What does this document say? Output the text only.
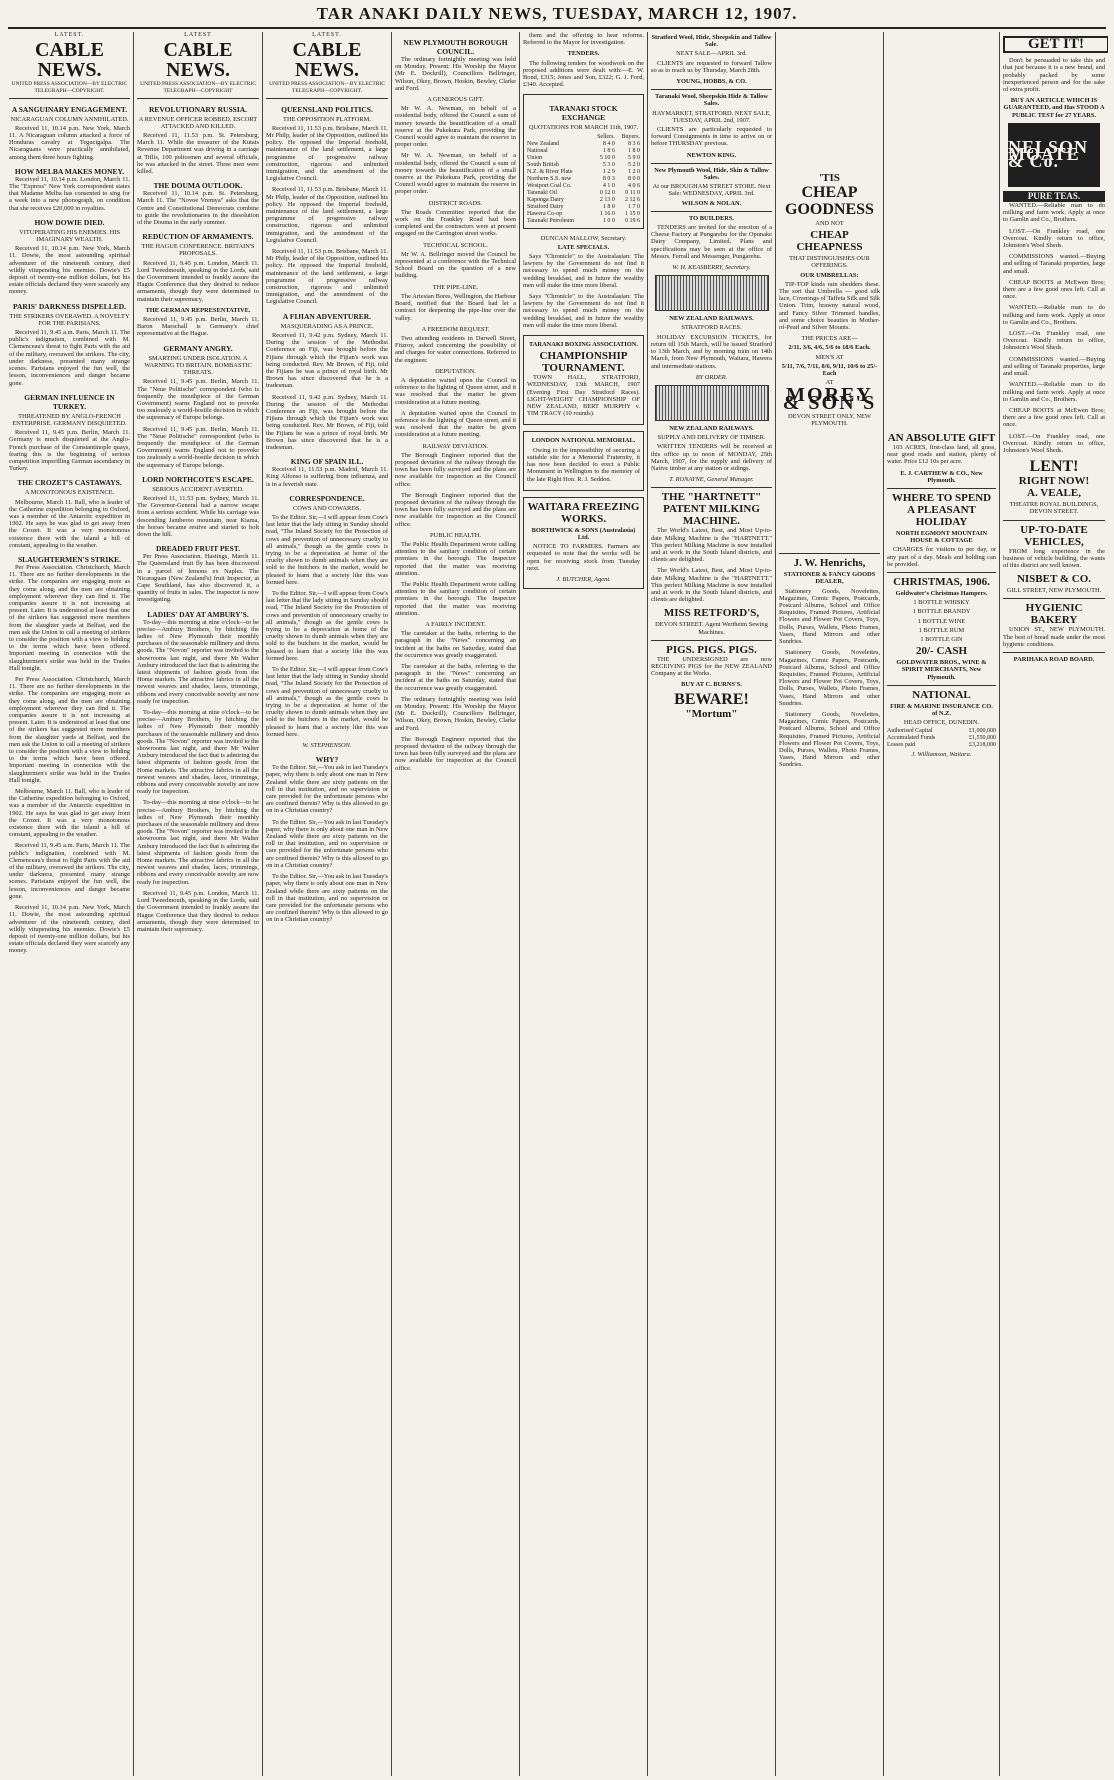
TAR ANAKI DAILY NEWS, TUESDAY, MARCH 12, 1907.
LATEST.
CABLE NEWS.
UNITED PRESS ASSOCIATION—BY ELECTRIC TELEGRAPH—COPYRIGHT.
A SANGUINARY ENGAGEMENT.
NICARAGUAN COLUMN ANNIHILATED.

Received 11, 10.14 p.m. New York, March 11. A Nicaraguan column attacked a force of Honduras cavalry at Tegucigalpa. The Nicaraguans were practically annihilated, among them three hours fighting.

HOW MELBA MAKES MONEY.

Received 11, 10.14 p.m. London, March 11. The "Express" New York correspondent states that Madame Melba has consented to sing for a week into a new phonograph, on condition that she receives £20,000 in royalties.

HOW DOWIE DIED.
VITUPERATING HIS ENEMIES. HIS IMAGINARY WEALTH.

Received 11, 10.14 p.m. New York, March 11. Dowie, the most astounding spiritual adventurer of the nineteenth century, died wildly vituperating his enemies. Dowie's £5 deposit of twenty-one million dollars, but his estate officials declared they were scarcely any money.

PARIS' DARKNESS DISPELLED.
THE STRIKERS OVERAWED. A NOVELTY FOR THE PARISIANS.

Received 11, 9.45 a.m. Paris, March 11. The public's indignation, combined with M. Clemenceau's threat to fight Paris with the aid of the military, overawed the strikers. The city, under darkness, presented many strange scenes. Parisians enjoyed the fun well, the lesson, inconveniences and danger became gone.

GERMAN INFLUENCE IN TURKEY.
THREATENED BY ANGLO-FRENCH ENTERPRISE. GERMANY DISQUIETED.

Received 11, 9.45 p.m. Berlin, March 11. Germany is much disquieted at the Anglo-French purchase of the Constantinople quays, fearing this is the beginning of serious competition imperilling German ascendancy in Turkey.

THE CROZET'S CASTAWAYS.
A MONOTONOUS EXISTENCE.

Melbourne, March 11. Ball, who is leader of the Catherine expedition belonging to Oxford, was a member of the Antarctic expedition in 1902. He says he was glad to get away from the Crozet. It was a very monotonous existence there with the island a hill of constant, appealing to the weather.

SLAUGHTERMEN'S STRIKE.

Per Press Association. Christchurch, March 11. There are no further developments in the strike. The companies are engaging more as they come along, and the men are obtaining employment wherever they can find it. The companies assure it is not increasing at present. Later. It is understood at least that one of the strikers has suggested more members from the slaughter yards at Belfast, and the men ask the Union to call a meeting of strikers to consider the position with a view to holding to the terms which have been offered. Important meeting in connection with the slaughtermen's strike was held in the Trades Hall tonight.

Per Press Association. Christchurch, March 11. There are no further developments in the strike. The companies are engaging more as they come along, and the men are obtaining employment wherever they can find it. The companies assure it is not increasing at present. Later. It is understood at least that one of the strikers has suggested more members from the slaughter yards at Belfast, and the men ask the Union to call a meeting of strikers to consider the position with a view to holding to the terms which have been offered. Important meeting in connection with the slaughtermen's strike was held in the Trades Hall tonight.

Melbourne, March 11. Ball, who is leader of the Catherine expedition belonging to Oxford, was a member of the Antarctic expedition in 1902. He says he was glad to get away from the Crozet. It was a very monotonous existence there with the island a hill of constant, appealing to the weather.

Received 11, 9.45 a.m. Paris, March 11. The public's indignation, combined with M. Clemenceau's threat to fight Paris with the aid of the military, overawed the strikers. The city, under darkness, presented many strange scenes. Parisians enjoyed the fun well, the lesson, inconveniences and danger became gone.

Received 11, 10.14 p.m. New York, March 11. Dowie, the most astounding spiritual adventurer of the nineteenth century, died wildly vituperating his enemies. Dowie's £5 deposit of twenty-one million dollars, but his estate officials declared they were scarcely any money.

LATEST
CABLE NEWS.
UNITED PRESS ASSOCIATION—BY ELECTRIC TELEGRAPH—COPYRIGHT
REVOLUTIONARY RUSSIA.
A REVENUE OFFICER ROBBED. ESCORT ATTACKED AND KILLED.

Received 11, 11.53 p.m. St. Petersburg, March 11. While the treasurer of the Kutais Revenue Department was driving in a carriage at Tiflis, 100 policemen and several officials, he was attacked in the street. Three men were killed.

THE DOUMA OUTLOOK.

Received 11, 10.14 p.m. St. Petersburg, March 11. The "Novoe Vremya" asks that the Centre and Constitutional Democrats combine to guide the revolutionaries in the dissolution of the Douma in the early summer.

REDUCTION OF ARMAMENTS.
THE HAGUE CONFERENCE. BRITAIN'S PROPOSALS.

Received 11, 9.45 p.m. London, March 11. Lord Tweedmouth, speaking in the Lords, said the Government intended to frankly assure the Hague Conference that they desired to reduce armaments, though they were determined to maintain their supremacy.

THE GERMAN REPRESENTATIVE.

Received 11, 9.45 p.m. Berlin, March 11. Baron Marschall is Germany's chief representative at the Hague.

GERMANY ANGRY.
SMARTING UNDER ISOLATION. A WARNING TO BRITAIN. BOMBASTIC THREATS.

Received 11, 9.45 p.m. Berlin, March 11. The "Neue Politische" correspondent (who is frequently the mouthpiece of the German Government) warns England not to provoke too zealously a world-hostile decision in which the supremacy of Europe belongs.

Received 11, 9.45 p.m. Berlin, March 11. The "Neue Politische" correspondent (who is frequently the mouthpiece of the German Government) warns England not to provoke too zealously a world-hostile decision in which the supremacy of Europe belongs.

LORD NORTHCOTE'S ESCAPE.
SERIOUS ACCIDENT AVERTED.

Received 11, 11.53 p.m. Sydney, March 11. The Governor-General had a narrow escape from a serious accident. While his carriage was descending Jamberoo mountain, near Kiama, the horses became restive and started to bolt down the hill.

DREADED FRUIT PEST.

Per Press Association. Hastings, March 11. The Queensland fruit fly has been discovered in a parcel of lemons ex Naples. The Nicaraguan (New Zealand's) fruit Inspector, at Cape Southland, has also discovered it, a quantity of fruits in sales. The inspector is now investigating.

LADIES' DAY AT AMBURY'S.

To-day—this morning at nine o'clock—to be precise—Ambury Brothers, by hitching the ladies of New Plymouth their monthly purchases of the seasonable millinery and dress goods. The "Novon" reporter was invited to the showrooms last night, and there Mr Walter Ambury introduced the fact that is admiring the latest shipments of fashion goods from the Home markets. The attractive fabrics in all the newest weaves and shades, laces, trimmings, ribbons and every conceivable novelty are now ready for inspection.

To-day—this morning at nine o'clock—to be precise—Ambury Brothers, by hitching the ladies of New Plymouth their monthly purchases of the seasonable millinery and dress goods. The "Novon" reporter was invited to the showrooms last night, and there Mr Walter Ambury introduced the fact that is admiring the latest shipments of fashion goods from the Home markets. The attractive fabrics in all the newest weaves and shades, laces, trimmings, ribbons and every conceivable novelty are now ready for inspection.

To-day—this morning at nine o'clock—to be precise—Ambury Brothers, by hitching the ladies of New Plymouth their monthly purchases of the seasonable millinery and dress goods. The "Novon" reporter was invited to the showrooms last night, and there Mr Walter Ambury introduced the fact that is admiring the latest shipments of fashion goods from the Home markets. The attractive fabrics in all the newest weaves and shades, laces, trimmings, ribbons and every conceivable novelty are now ready for inspection.

Received 11, 9.45 p.m. London, March 11. Lord Tweedmouth, speaking in the Lords, said the Government intended to frankly assure the Hague Conference that they desired to reduce armaments, though they were determined to maintain their supremacy.

LATEST.
CABLE NEWS.
UNITED PRESS ASSOCIATION—BY ELECTRIC TELEGRAPH—COPYRIGHT.
QUEENSLAND POLITICS.
THE OPPOSITION PLATFORM.

Received 11, 11.53 p.m. Brisbane, March 11. Mr Philp, leader of the Opposition, outlined his policy. He opposed the Imperial freehold, maintenance of the land settlement, a large programme of progressive railway construction, rigorous and unlimited immigration, and the amendment of the Legislative Council.

Received 11, 11.53 p.m. Brisbane, March 11. Mr Philp, leader of the Opposition, outlined his policy. He opposed the Imperial freehold, maintenance of the land settlement, a large programme of progressive railway construction, rigorous and unlimited immigration, and the amendment of the Legislative Council.

Received 11, 11.53 p.m. Brisbane, March 11. Mr Philp, leader of the Opposition, outlined his policy. He opposed the Imperial freehold, maintenance of the land settlement, a large programme of progressive railway construction, rigorous and unlimited immigration, and the amendment of the Legislative Council.

A FIJIAN ADVENTURER.
MASQUERADING AS A PRINCE.

Received 11, 9.42 p.m. Sydney, March 11. During the session of the Methodist Conference an Fiji, was brought before the Fijians through which the Fijian's work was being conducted. Rev. Mr Brown, of Fiji, told the Fijians he was a prince of royal birth. Mr Brown has since discovered that he is a tradesman.

Received 11, 9.42 p.m. Sydney, March 11. During the session of the Methodist Conference an Fiji, was brought before the Fijians through which the Fijian's work was being conducted. Rev. Mr Brown, of Fiji, told the Fijians he was a prince of royal birth. Mr Brown has since discovered that he is a tradesman.

KING OF SPAIN ILL.

Received 11, 11.53 p.m. Madrid, March 11. King Alfonso is suffering from influenza, and is in a feverish state.

CORRESPONDENCE.
COWS AND COWARDS.

To the Editor. Sir,—I will appear from Cow's last letter that the lady sitting in Sunday should read, "The Inland Society for the Protection of cows and prevention of unnecessary cruelty to all animals," though as the gentle cows is trying to be a deprecation at home of the cruelty shown to dumb animals when they are sold to the butchers in the market, would be pleased to learn that a society like this was formed here.

To the Editor. Sir,—I will appear from Cow's last letter that the lady sitting in Sunday should read, "The Inland Society for the Protection of cows and prevention of unnecessary cruelty to all animals," though as the gentle cows is trying to be a deprecation at home of the cruelty shown to dumb animals when they are sold to the butchers in the market, would be pleased to learn that a society like this was formed here.

To the Editor. Sir,—I will appear from Cow's last letter that the lady sitting in Sunday should read, "The Inland Society for the Protection of cows and prevention of unnecessary cruelty to all animals," though as the gentle cows is trying to be a deprecation at home of the cruelty shown to dumb animals when they are sold to the butchers in the market, would be pleased to learn that a society like this was formed here.

W. STEPHENSON.
WHY?

To the Editor. Sir,—You ask in last Tuesday's paper, why there is only about one man in New Zealand while there are sixty patients on the roll in that institution, and no supervision or care provided for the unfortunate persons who are confined therein? Why is this allowed to go on in a Christian country?

To the Editor. Sir,—You ask in last Tuesday's paper, why there is only about one man in New Zealand while there are sixty patients on the roll in that institution, and no supervision or care provided for the unfortunate persons who are confined therein? Why is this allowed to go on in a Christian country?

To the Editor. Sir,—You ask in last Tuesday's paper, why there is only about one man in New Zealand while there are sixty patients on the roll in that institution, and no supervision or care provided for the unfortunate persons who are confined therein? Why is this allowed to go on in a Christian country?

NEW PLYMOUTH BOROUGH COUNCIL.

The ordinary fortnightly meeting was held on Monday. Present: His Worship the Mayor (Mr E. Dockrill), Councillors Bellringer, Wilson, Okey, Brown, Hoskin, Bewley, Clarke and Ford.

A GENEROUS GIFT.

Mr W. A. Newman, on behalf of a residential body, offered the Council a sum of money towards the beautification of a small reserve at the Pukekura Park, providing the Council would agree to maintain the reserve in proper order.

Mr W. A. Newman, on behalf of a residential body, offered the Council a sum of money towards the beautification of a small reserve at the Pukekura Park, providing the Council would agree to maintain the reserve in proper order.

DISTRICT ROADS.

The Roads Committee reported that the work on the Frankley Road had been completed and the contractors were at present engaged on the Carrington street works.

TECHNICAL SCHOOL.

Mr W. A. Bellringer moved the Council be represented at a conference with the Technical School Board on the question of a new building.

THE PIPE-LINE.

The Artesian Bores, Wellington, the Harbour Board, notified that the Board had let a contract for deepening the pipe-line over the valley.

A FREEDOM REQUEST.

Two attending residents in Darwell Street, Fitzroy, asked concerning the possibility of and charges for water connections. Referred to the engineer.

DEPUTATION.

A deputation waited upon the Council in reference to the lighting of Queen street, and it was resolved that the matter be given consideration at a future meeting.

A deputation waited upon the Council in reference to the lighting of Queen street, and it was resolved that the matter be given consideration at a future meeting.

RAILWAY DEVIATION.

The Borough Engineer reported that the proposed deviation of the railway through the town has been fully surveyed and the plans are now available for inspection at the Council office.

The Borough Engineer reported that the proposed deviation of the railway through the town has been fully surveyed and the plans are now available for inspection at the Council office.

PUBLIC HEALTH.

The Public Health Department wrote calling attention to the sanitary condition of certain premises in the borough. The Inspector reported that the matter was receiving attention.

The Public Health Department wrote calling attention to the sanitary condition of certain premises in the borough. The Inspector reported that the matter was receiving attention.

A FAIRLY INCIDENT.

The caretaker at the baths, referring to the paragraph in the "News" concerning an incident at the baths on Saturday, stated that the occurrence was greatly exaggerated.

The caretaker at the baths, referring to the paragraph in the "News" concerning an incident at the baths on Saturday, stated that the occurrence was greatly exaggerated.

The ordinary fortnightly meeting was held on Monday. Present: His Worship the Mayor (Mr E. Dockrill), Councillors Bellringer, Wilson, Okey, Brown, Hoskin, Bewley, Clarke and Ford.

The Borough Engineer reported that the proposed deviation of the railway through the town has been fully surveyed and the plans are now available for inspection at the Council office.

them and the offering to hear reforms. Referred to the Mayor for investigation.

TENDERS.

The following tenders for woodwork on the proposed additions were dealt with:—E. W. Bond, £315; Jones and Son, £322; G. J. Ford, £340. Accepted.

TARANAKI STOCK EXCHANGE
QUOTATIONS FOR MARCH 11th, 1907.
	Sellers.	Buyers.
New Zealand	8 4 0	8 3 6
National	1 8 6	1 8 0
Union	5 10 0	5 9 0
South British	5 3 0	5 2 0
N.Z. & River Plate	1 2 9	1 2 0
Northern S.S. new	8 0 3	8 0 0
Westport Coal Co.	4 1 0	4 0 6
Taranaki Oil	0 12 0	0 11 0
Kaponga Dairy	2 13 0	2 12 6
Stratford Dairy	1 8 0	1 7 0
Hawera Co-op	1 16 0	1 15 0
Taranaki Petroleum	1 0 0	0 19 6
DUNCAN MALLOW, Secretary.
LATE SPECIALS.

Says "Chronicle" to the Australasian: The lawyers by the Government do not find it necessary to spend much money on the wedding breakfast, and in future the wealthy men will make the time more liberal.

Says "Chronicle" to the Australasian: The lawyers by the Government do not find it necessary to spend much money on the wedding breakfast, and in future the wealthy men will make the time more liberal.

TARANAKI BOXING ASSOCIATION.
CHAMPIONSHIP TOURNAMENT.

TOWN HALL, STRATFORD, WEDNESDAY, 13th MARCH, 1907 (Evening First Day Stratford Races). LIGHT-WEIGHT CHAMPIONSHIP OF NEW ZEALAND, BERT MURPHY v. TIM TRACY (10 rounds).

LONDON NATIONAL MEMORIAL.

Owing to the impossibility of securing a suitable site for a Memorial Fraternity, it has now been decided to erect a Public Monument in Wellington to the memory of the late Right Hon. R. J. Seddon.

WAITARA FREEZING WORKS.
BORTHWICK & SONS (Australasia) Ltd.

NOTICE TO FARMERS. Farmers are requested to note that the works will be open for receiving stock from Tuesday next.

J. BUTCHER, Agent.
Stratford Wool, Hide, Sheepskin and Tallow Sale.
NEXT SALE—APRIL 3rd.

CLIENTS are requested to forward Tallow so as to reach us by Thursday, March 28th.

YOUNG, HOBBS, & CO.
Taranaki Wool, Sheepskin Hide & Tallow Sales.
HAYMARKET, STRATFORD. NEXT SALE, TUESDAY, APRIL 2nd, 1907.

CLIENTS are particularly requested to forward Consignments in time to arrive on or before THURSDAY previous.

NEWTON KING.
New Plymouth Wool, Hide, Skin & Tallow Sales.
At our BROUGHAM STREET STORE. Next Sale: WEDNESDAY, APRIL 3rd.
WILSON & NOLAN.
TO BUILDERS.

TENDERS are invited for the erection of a Cheese Factory at Pungarehu for the Opunake Dairy Company, Limited. Plans and specifications may be seen at the office of Messrs. Ferrall and Messenger, Pungarehu.

W. H. KEASBERRY, Secretary.
NEW ZEALAND RAILWAYS.
STRATFORD RACES.

HOLIDAY EXCURSION TICKETS, for return till 15th March, will be issued Stratford to 13th March, and by morning train on 14th March, from New Plymouth, Waitara, Hawera and intermediate stations.

BY ORDER.
NEW ZEALAND RAILWAYS.
SUPPLY AND DELIVERY OF TIMBER.

WRITTEN TENDERS will be received at this office up to noon of MONDAY, 25th March, 1907, for the supply and delivery of Native timber at any station or sidings.

T. RONAYNE, General Manager.
THE "HARTNETT" PATENT MILKING MACHINE.

The World's Latest, Best, and Most Up-to-date Milking Machine is the "HARTNETT." This perfect Milking Machine is now installed and at work in the South Island districts, and clients are delighted.

The World's Latest, Best, and Most Up-to-date Milking Machine is the "HARTNETT." This perfect Milking Machine is now installed and at work in the South Island districts, and clients are delighted.

MISS RETFORD'S,
DEVON STREET. Agent Wertheim Sewing Machines.
PIGS. PIGS. PIGS.

THE UNDERSIGNED are now RECEIVING PIGS for the NEW ZEALAND Company at the Works.

BUY AT C. BURNS'S.
BEWARE!
"Mortum"
'TIS
CHEAP
GOODNESS
AND NOT
CHEAP
CHEAPNESS
THAT DISTINGUISHES OUR OFFERINGS.
OUR UMBRELLAS:

TIP-TOP kinds rain shedders these. The sort that Umbrella — good silk lace, Coverings of Taffeta Silk and Silk Union. Trim, brawny natural wood, and Fancy Silver Trimmed handles, and some choice beauties in Mother-of-Pearl and Silver Mounts.

THE PRICES ARE—
2/11, 3/6, 4/6, 5/6 to 18/6 Each.
MEN'S AT
5/11, 7/6, 7/11, 8/6, 9/11, 10/6 to 25/- Each
AT
MOREY & SON'S
DEVON STREET ONLY, NEW PLYMOUTH.
J. W. Henrichs,
STATIONER & FANCY GOODS DEALER,

Stationery Goods, Novelettes, Magazines, Comic Papers, Postcards, Postcard Albums, School and Office Requisites, Framed Pictures, Artificial Flowers and Flower Pot Covers, Toys, Dolls, Purses, Wallets, Photo Frames, Vases, Hand Mirrors and other Sundries.

Stationery Goods, Novelettes, Magazines, Comic Papers, Postcards, Postcard Albums, School and Office Requisites, Framed Pictures, Artificial Flowers and Flower Pot Covers, Toys, Dolls, Purses, Wallets, Photo Frames, Vases, Hand Mirrors and other Sundries.

Stationery Goods, Novelettes, Magazines, Comic Papers, Postcards, Postcard Albums, School and Office Requisites, Framed Pictures, Artificial Flowers and Flower Pot Covers, Toys, Dolls, Purses, Wallets, Photo Frames, Vases, Hand Mirrors and other Sundries.

AN ABSOLUTE GIFT

103 ACRES, first-class land, all grass, near good roads and station, plenty of water. Price £12 10s per acre.

E. J. CARTHEW & CO., New Plymouth.
WHERE TO SPEND A PLEASANT HOLIDAY
NORTH EGMONT MOUNTAIN HOUSE & COTTAGE

CHARGES for visitors to per day, or any part of a day. Meals and holding can be provided.

CHRISTMAS, 1906.
Goldwater's Christmas Hampers.
1 BOTTLE WHISKY
1 BOTTLE BRANDY
1 BOTTLE WINE
1 BOTTLE RUM
1 BOTTLE GIN
20/- CASH
GOLDWATER BROS., WINE & SPIRIT MERCHANTS, New Plymouth.
NATIONAL
FIRE & MARINE INSURANCE CO. of N.Z.
HEAD OFFICE, DUNEDIN.
Authorised Capital	£1,000,000
Accumulated Funds	£1,550,000
Losses paid	£3,218,000
J. Williamson, Waitara.
GET IT!

Don't be persuaded to take this and that just because it is a new brand, and probably packed by some inexperienced person and for the sake of extra profit.

BUY AN ARTICLE WHICH IS GUARANTEED, and Has STOOD A PUBLIC TEST for 27 YEARS.
NELSON MOATE & Co.
PURE TEAS.

WANTED.—Reliable man to do milking and farm work. Apply at once to Gamlin and Co., Brothers.

LOST.—On Frankley road, one Overcoat. Kindly return to office, Johnston's Wool Sheds.

COMMISSIONS wanted.—Buying and selling of Taranaki properties, large and small.

CHEAP BOOTS at McEwen Bros; there are a few good ones left. Call at once.

WANTED.—Reliable man to do milking and farm work. Apply at once to Gamlin and Co., Brothers.

LOST.—On Frankley road, one Overcoat. Kindly return to office, Johnston's Wool Sheds.

COMMISSIONS wanted.—Buying and selling of Taranaki properties, large and small.

WANTED.—Reliable man to do milking and farm work. Apply at once to Gamlin and Co., Brothers.

CHEAP BOOTS at McEwen Bros; there are a few good ones left. Call at once.

LOST.—On Frankley road, one Overcoat. Kindly return to office, Johnston's Wool Sheds.

LENT!
RIGHT NOW!
A. VEALE,
THEATRE ROYAL BUILDINGS, DEVON STREET.
UP-TO-DATE VEHICLES,

FROM long experience in the business of vehicle building, the wants of this district are well known.

NISBET & CO.
GILL STREET, NEW PLYMOUTH.
HYGIENIC BAKERY

UNION ST., NEW PLYMOUTH. The best of bread made under the most hygienic conditions.

PARIHAKA ROAD BOARD.
